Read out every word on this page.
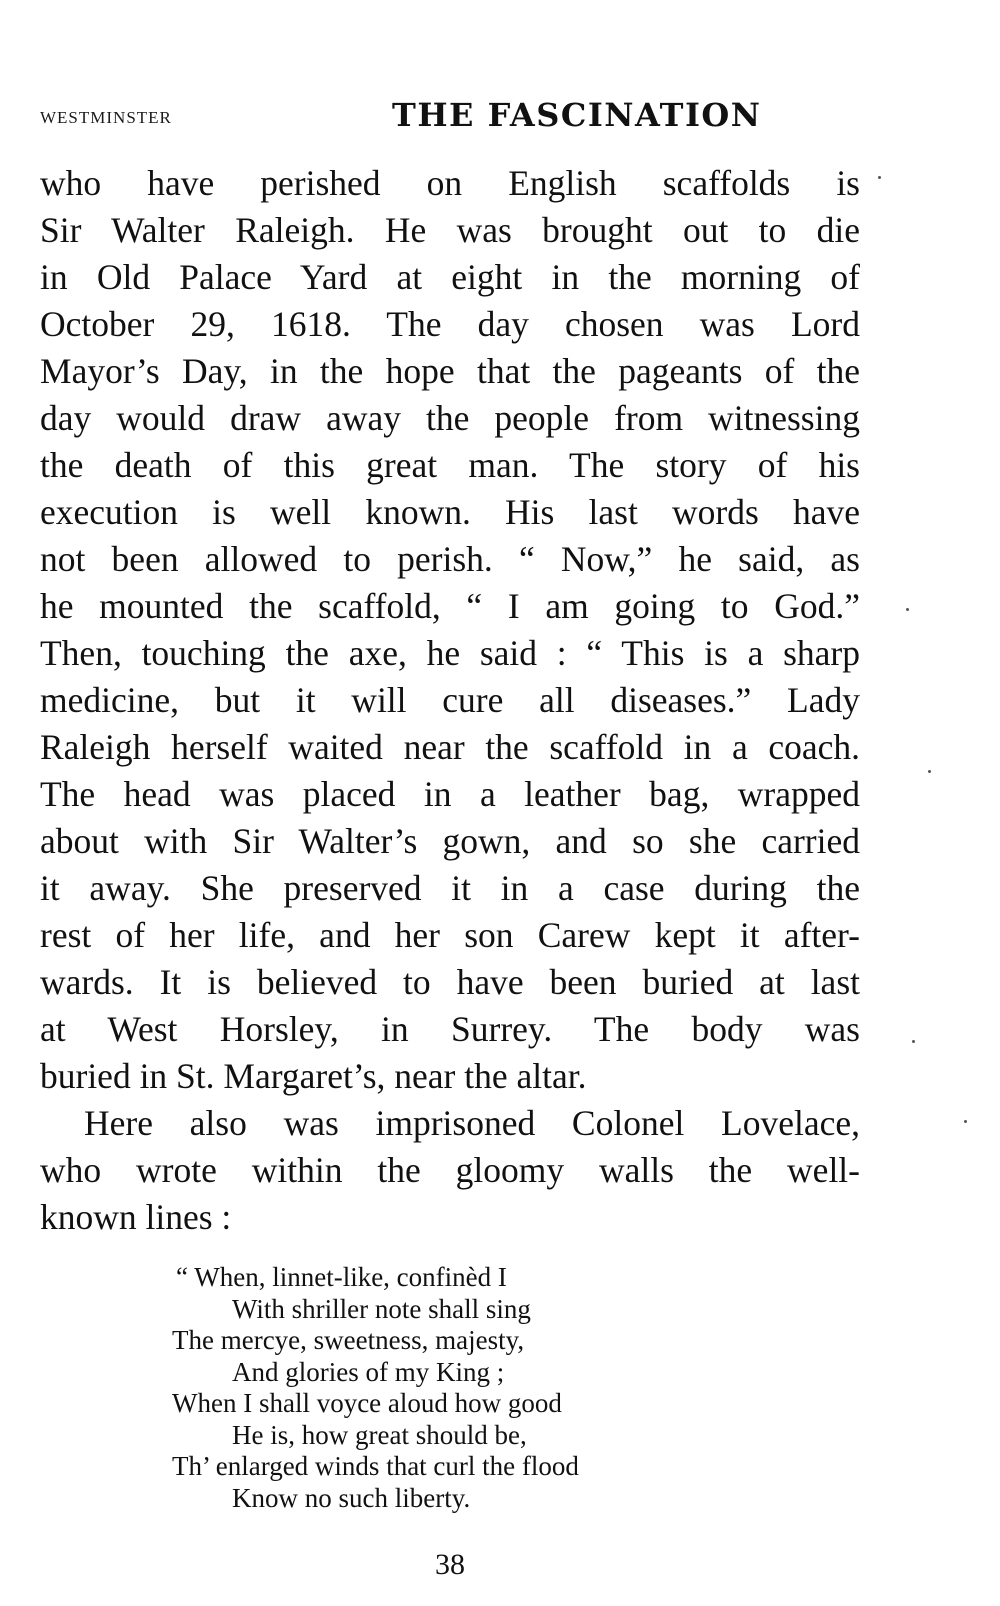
WESTMINSTER	THE FASCINATION
who have perished on English scaffolds is
Sir Walter Raleigh. He was brought out to die
in Old Palace Yard at eight in the morning of
October 29, 1618. The day chosen was Lord
Mayor’s Day, in the hope that the pageants of the
day would draw away the people from witnessing
the death of this great man. The story of his
execution is well known. His last words have
not been allowed to perish. “ Now,” he said, as
he mounted the scaffold, “ I am going to God.”
Then, touching the axe, he said : “ This is a sharp
medicine, but it will cure all diseases.” Lady
Raleigh herself waited near the scaffold in a coach.
The head was placed in a leather bag, wrapped
about with Sir Walter’s gown, and so she carried
it away. She preserved it in a case during the
rest of her life, and her son Carew kept it after-
wards. It is believed to have been buried at last
at West Horsley, in Surrey. The body was
buried in St. Margaret’s, near the altar.
Here also was imprisoned Colonel Lovelace,
who wrote within the gloomy walls the well-
known lines :
“ When, linnet-like, confinèd I
With shriller note shall sing
The mercye, sweetness, majesty,
And glories of my King ;
When I shall voyce aloud how good
He is, how great should be,
Th’ enlarged winds that curl the flood
Know no such liberty.
38
